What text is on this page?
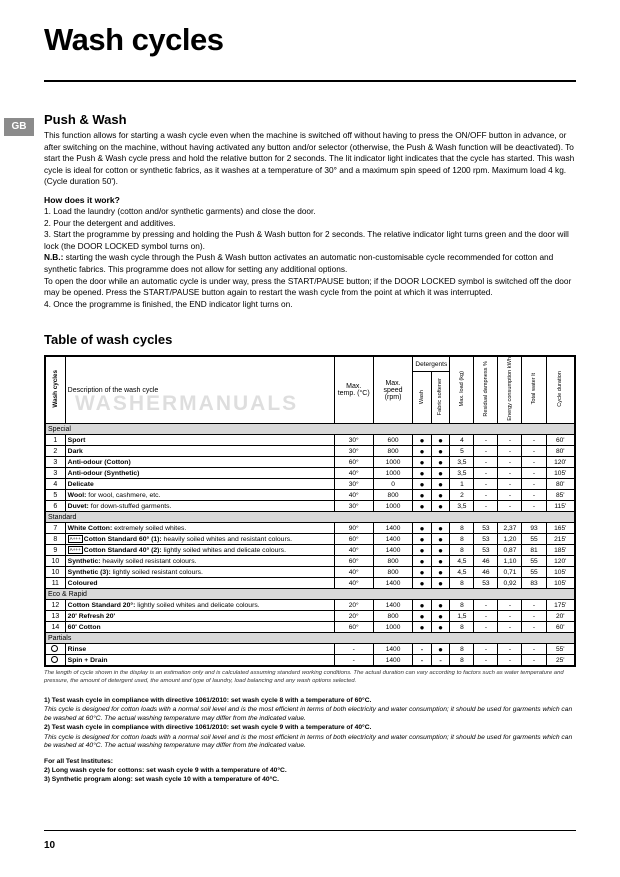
Wash cycles
GB	Push & Wash

This function allows for starting a wash cycle even when the machine is switched off without having to press the ON/OFF button in advance, or after switching on the machine, without having activated any button and/or selector (otherwise, the Push & Wash function will be deactivated). To start the Push & Wash cycle press and hold the relative button for 2 seconds. The lit indicator light indicates that the cycle has started. This wash cycle is ideal for cotton or synthetic fabrics, as it washes at a temperature of 30° and a maximum spin speed of 1200 rpm. Maximum load 4 kg. (Cycle duration 50').

How does it work?

1. Load the laundry (cotton and/or synthetic garments) and close the door.

2. Pour the detergent and additives.

3. Start the programme by pressing and holding the Push & Wash button for 2 seconds. The relative indicator light turns green and the door will lock (the DOOR LOCKED symbol turns on).

N.B.: starting the wash cycle through the Push & Wash button activates an automatic non-customisable cycle recommended for cotton and synthetic fabrics. This programme does not allow for setting any additional options.

To open the door while an automatic cycle is under way, press the START/PAUSE button; if the DOOR LOCKED symbol is switched off the door may be opened. Press the START/PAUSE button again to restart the wash cycle from the point at which it was interrupted.

4. Once the programme is finished, the END indicator light turns on.

Table of wash cycles
WASHERMANUALS
Wash cycles	Description of the wash cycle	Max. temp. (°C)	Max. speed (rpm)	Detergents		Max. load (kg)	Residual dampness %	Energy consumption kWh	Total water lt	Cycle duration
				Wash	Fabric softener					
Special										
1	Sport	30°	600	●	●	4	-	-	-	60'
2	Dark	30°	800	●	●	5	-	-	-	80'
3	Anti-odour (Cotton)	60°	1000	●	●	3,5	-	-	-	120'
3	Anti-odour (Synthetic)	40°	1000	●	●	3,5	-	-	-	105'
4	Delicate	30°	0	●	●	1	-	-	-	80'
5	Wool: for wool, cashmere, etc.	40°	800	●	●	2	-	-	-	85'
6	Duvet: for down-stuffed garments.	30°	1000	●	●	3,5	-	-	-	115'
Standard										
7	White Cotton: extremely soiled whites.	90°	1400	●	●	8	53	2,37	93	165'
8	A+++ Cotton Standard 60° (1): heavily soiled whites and resistant colours.	60°	1400	●	●	8	53	1,20	55	215'
9	A+++ Cotton Standard 40° (2): lightly soiled whites and delicate colours.	40°	1400	●	●	8	53	0,87	81	185'
10	Synthetic: heavily soiled resistant colours.	60°	800	●	●	4,5	46	1,10	55	120'
10	Synthetic (3): lightly soiled resistant colours.	40°	800	●	●	4,5	46	0,71	55	105'
11	Coloured	40°	1400	●	●	8	53	0,92	83	105'
Eco & Rapid										
12	Cotton Standard 20°: lightly soiled whites and delicate colours.	20°	1400	●	●	8	-	-	-	175'
13	20' Refresh 20'	20°	800	●	●	1,5	-	-	-	20'
14	60' Cotton	60°	1000	●	●	8	-	-	-	60'
Partials										
	Rinse	-	1400	-	●	8	-	-	-	55'
	Spin + Drain	-	1400	-	-	8	-	-	-	25'
The length of cycle shown in the display is an estimation only and is calculated assuming standard working conditions. The actual duration can vary according to factors such as water temperature and pressure, the amount of detergent used, the amount and type of laundry, load balancing and any wash options selected.

1) Test wash cycle in compliance with directive 1061/2010: set wash cycle 8 with a temperature of 60°C.

This cycle is designed for cotton loads with a normal soil level and is the most efficient in terms of both electricity and water consumption; it should be used for garments which can be washed at 60°C. The actual washing temperature may differ from the indicated value.

2) Test wash cycle in compliance with directive 1061/2010: set wash cycle 9 with a temperature of 40°C.

This cycle is designed for cotton loads with a normal soil level and is the most efficient in terms of both electricity and water consumption; it should be used for garments which can be washed at 40°C. The actual washing temperature may differ from the indicated value.

For all Test Institutes:

2) Long wash cycle for cottons: set wash cycle 9 with a temperature of 40°C.

3) Synthetic program along: set wash cycle 10 with a temperature of 40°C.

10
